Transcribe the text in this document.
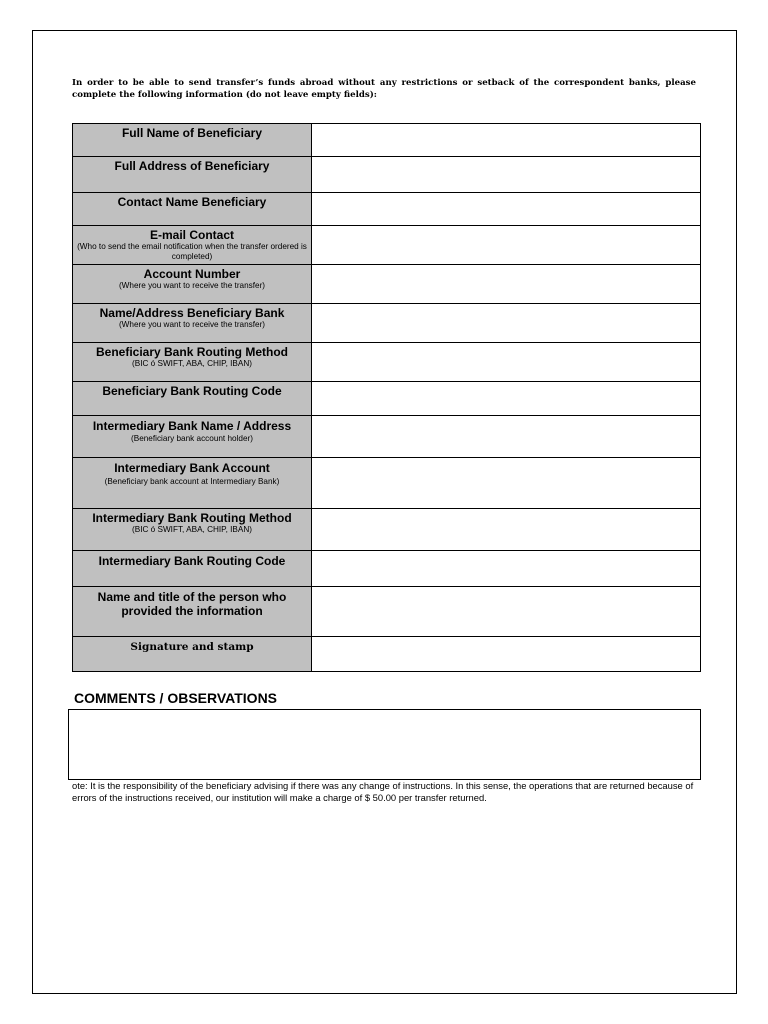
In order to be able to send transfer’s funds abroad without any restrictions or setback of the correspondent banks, please complete the following information (do not leave empty fields):
Full Name of Beneficiary	

Full Address of Beneficiary	

Contact Name Beneficiary	

E-mail Contact
(Who to send the email notification when the transfer ordered is completed)	

Account Number
(Where you want to receive the transfer)	

Name/Address Beneficiary Bank
(Where you want to receive the transfer)	

Beneficiary Bank Routing Method
(BIC ó SWIFT, ABA, CHIP, IBAN)	

Beneficiary Bank Routing Code	

Intermediary Bank Name / Address
(Beneficiary bank account holder)	

Intermediary Bank Account
(Beneficiary bank account at Intermediary Bank)	

Intermediary Bank Routing Method
(BIC ó SWIFT, ABA, CHIP, IBAN)	

Intermediary Bank Routing Code	

Name and title of the person who provided the information	

Signature and stamp	

COMMENTS / OBSERVATIONS
ote: It is the responsibility of the beneficiary advising if there was any change of instructions. In this sense, the operations that are returned because of errors of the instructions received, our institution will make a charge of $ 50.00 per transfer returned.
